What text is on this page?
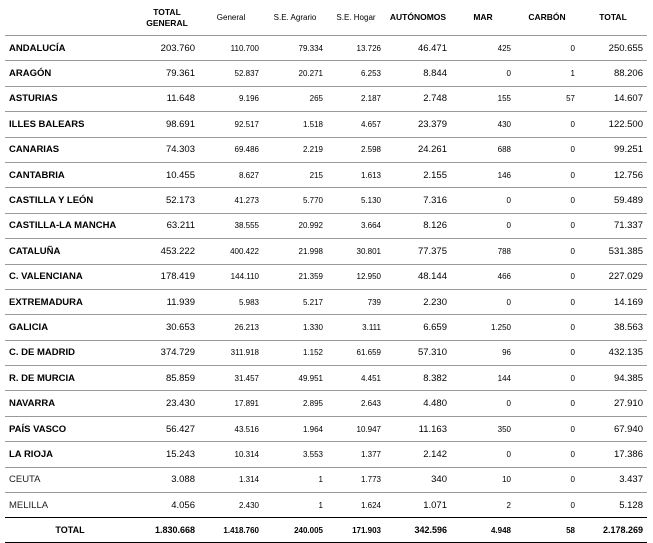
	TOTAL GENERAL	General	S.E. Agrario	S.E. Hogar	AUTÓNOMOS	MAR	CARBÓN	TOTAL
ANDALUCÍA	203.760	110.700	79.334	13.726	46.471	425	0	250.655
ARAGÓN	79.361	52.837	20.271	6.253	8.844	0	1	88.206
ASTURIAS	11.648	9.196	265	2.187	2.748	155	57	14.607
ILLES BALEARS	98.691	92.517	1.518	4.657	23.379	430	0	122.500
CANARIAS	74.303	69.486	2.219	2.598	24.261	688	0	99.251
CANTABRIA	10.455	8.627	215	1.613	2.155	146	0	12.756
CASTILLA Y LEÓN	52.173	41.273	5.770	5.130	7.316	0	0	59.489
CASTILLA-LA MANCHA	63.211	38.555	20.992	3.664	8.126	0	0	71.337
CATALUÑA	453.222	400.422	21.998	30.801	77.375	788	0	531.385
C. VALENCIANA	178.419	144.110	21.359	12.950	48.144	466	0	227.029
EXTREMADURA	11.939	5.983	5.217	739	2.230	0	0	14.169
GALICIA	30.653	26.213	1.330	3.111	6.659	1.250	0	38.563
C. DE MADRID	374.729	311.918	1.152	61.659	57.310	96	0	432.135
R. DE MURCIA	85.859	31.457	49.951	4.451	8.382	144	0	94.385
NAVARRA	23.430	17.891	2.895	2.643	4.480	0	0	27.910
PAÍS VASCO	56.427	43.516	1.964	10.947	11.163	350	0	67.940
LA RIOJA	15.243	10.314	3.553	1.377	2.142	0	0	17.386
CEUTA	3.088	1.314	1	1.773	340	10	0	3.437
MELILLA	4.056	2.430	1	1.624	1.071	2	0	5.128
TOTAL	1.830.668	1.418.760	240.005	171.903	342.596	4.948	58	2.178.269
